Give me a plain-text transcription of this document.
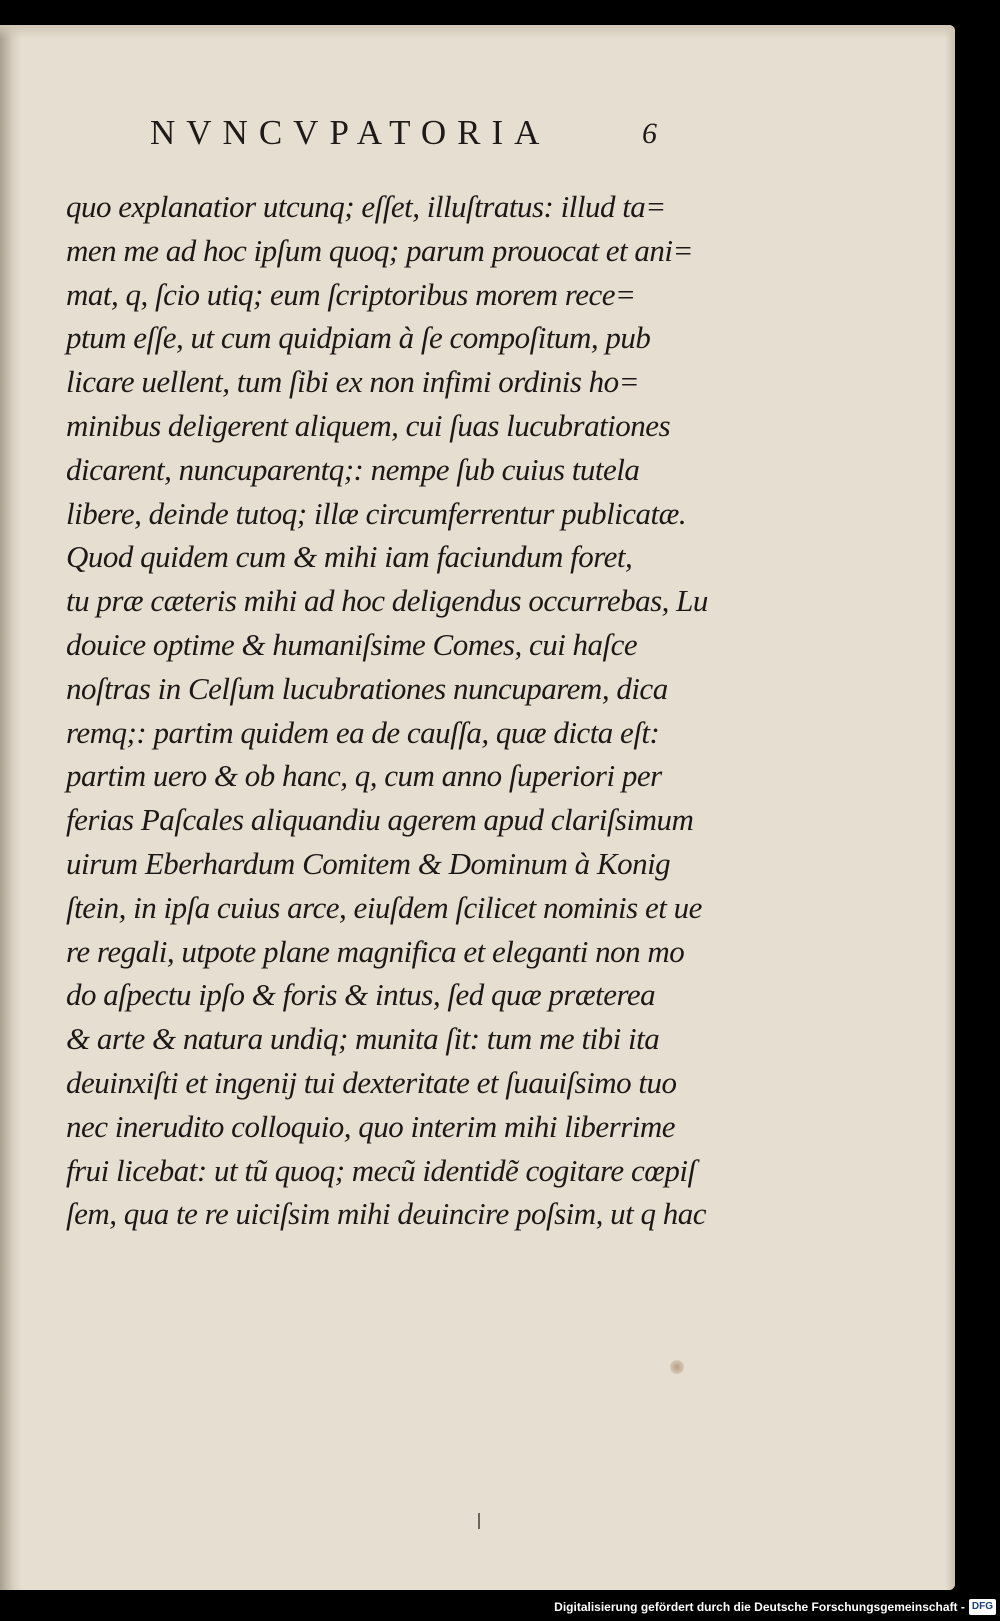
NVNCVPATORIA	6
quo explanatior utcunq; eſſet, illuſtratus: illud ta=
men me ad hoc ipſum quoq; parum prouocat et ani=
mat, q, ſcio utiq; eum ſcriptoribus morem rece=
ptum eſſe, ut cum quidpiam à ſe compoſitum, pub
licare uellent, tum ſibi ex non infimi ordinis ho=
minibus deligerent aliquem, cui ſuas lucubrationes
dicarent, nuncuparentq;: nempe ſub cuius tutela
libere, deinde tutoq; illæ circumferrentur publicatæ.
Quod quidem cum & mihi iam faciundum foret,
tu præ cæteris mihi ad hoc deligendus occurrebas, Lu
douice optime & humaniſsime Comes, cui haſce
noſtras in Celſum lucubrationes nuncuparem, dica
remq;: partim quidem ea de cauſſa, quæ dicta eſt:
partim uero & ob hanc, q, cum anno ſuperiori per
ferias Paſcales aliquandiu agerem apud clariſsimum
uirum Eberhardum Comitem & Dominum à Konig
ſtein, in ipſa cuius arce, eiuſdem ſcilicet nominis et ue
re regali, utpote plane magnifica et eleganti non mo
do aſpectu ipſo & foris & intus, ſed quæ præterea
& arte & natura undiq; munita ſit: tum me tibi ita
deuinxiſti et ingenij tui dexteritate et ſuauiſsimo tuo
nec inerudito colloquio, quo interim mihi liberrime
frui licebat: ut tũ quoq; mecũ identidẽ cogitare cœpiſ
ſem, qua te re uiciſsim mihi deuincire poſsim, ut q hac
Digitalisierung gefördert durch die Deutsche Forschungsgemeinschaft - DFG
